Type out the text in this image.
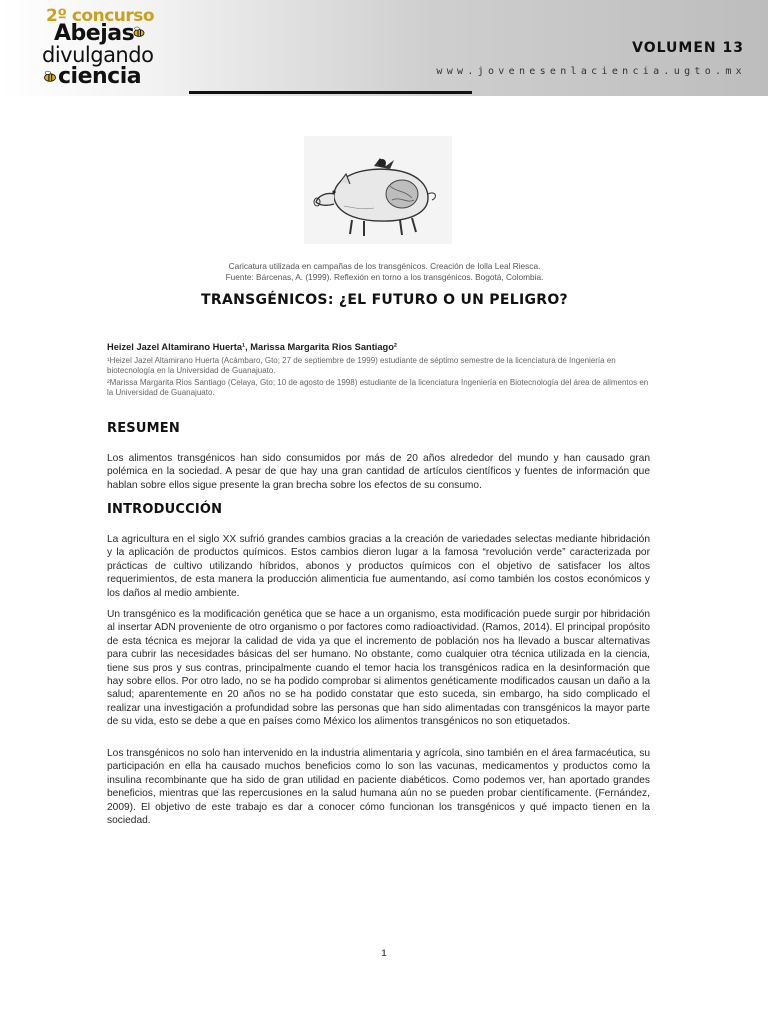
2º concurso
Abejas
divulgando
ciencia
VOLUMEN 13
www.jovenesenlaciencia.ugto.mx
Caricatura utilizada en campañas de los transgénicos. Creación de Iolla Leal Riesca.
Fuente: Bárcenas, A. (1999). Reflexión en torno a los transgénicos. Bogotá, Colombia.
TRANSGÉNICOS: ¿EL FUTURO O UN PELIGRO?
Heizel Jazel Altamirano Huerta¹, Marissa Margarita Rios Santiago²
¹Heizel Jazel Altamirano Huerta (Acámbaro, Gto; 27 de septiembre de 1999) estudiante de séptimo semestre de la licenciatura de Ingeniería en biotecnología en la Universidad de Guanajuato.
²Marissa Margarita Rios Santiago (Celaya, Gto; 10 de agosto de 1998) estudiante de la licenciatura Ingeniería en Biotecnología del área de alimentos en la Universidad de Guanajuato.
RESUMEN
Los alimentos transgénicos han sido consumidos por más de 20 años alrededor del mundo y han causado gran polémica en la sociedad. A pesar de que hay una gran cantidad de artículos científicos y fuentes de información que hablan sobre ellos sigue presente la gran brecha sobre los efectos de su consumo.
INTRODUCCIÓN
La agricultura en el siglo XX sufrió grandes cambios gracias a la creación de variedades selectas mediante hibridación y la aplicación de productos químicos. Estos cambios dieron lugar a la famosa “revolución verde” caracterizada por prácticas de cultivo utilizando híbridos, abonos y productos químicos con el objetivo de satisfacer los altos requerimientos, de esta manera la producción alimenticia fue aumentando, así como también los costos económicos y los daños al medio ambiente.
Un transgénico es la modificación genética que se hace a un organismo, esta modificación puede surgir por hibridación al insertar ADN proveniente de otro organismo o por factores como radioactividad. (Ramos, 2014). El principal propósito de esta técnica es mejorar la calidad de vida ya que el incremento de población nos ha llevado a buscar alternativas para cubrir las necesidades básicas del ser humano. No obstante, como cualquier otra técnica utilizada en la ciencia, tiene sus pros y sus contras, principalmente cuando el temor hacia los transgénicos radica en la desinformación que hay sobre ellos. Por otro lado, no se ha podido comprobar si alimentos genéticamente modificados causan un daño a la salud; aparentemente en 20 años no se ha podido constatar que esto suceda, sin embargo, ha sido complicado el realizar una investigación a profundidad sobre las personas que han sido alimentadas con transgénicos la mayor parte de su vida, esto se debe a que en países como México los alimentos transgénicos no son etiquetados.
Los transgénicos no solo han intervenido en la industria alimentaria y agrícola, sino también en el área farmacéutica, su participación en ella ha causado muchos beneficios como lo son las vacunas, medicamentos y productos como la insulina recombinante que ha sido de gran utilidad en paciente diabéticos. Como podemos ver, han aportado grandes beneficios, mientras que las repercusiones en la salud humana aún no se pueden probar científicamente. (Fernández, 2009). El objetivo de este trabajo es dar a conocer cómo funcionan los transgénicos y qué impacto tienen en la sociedad.
1
